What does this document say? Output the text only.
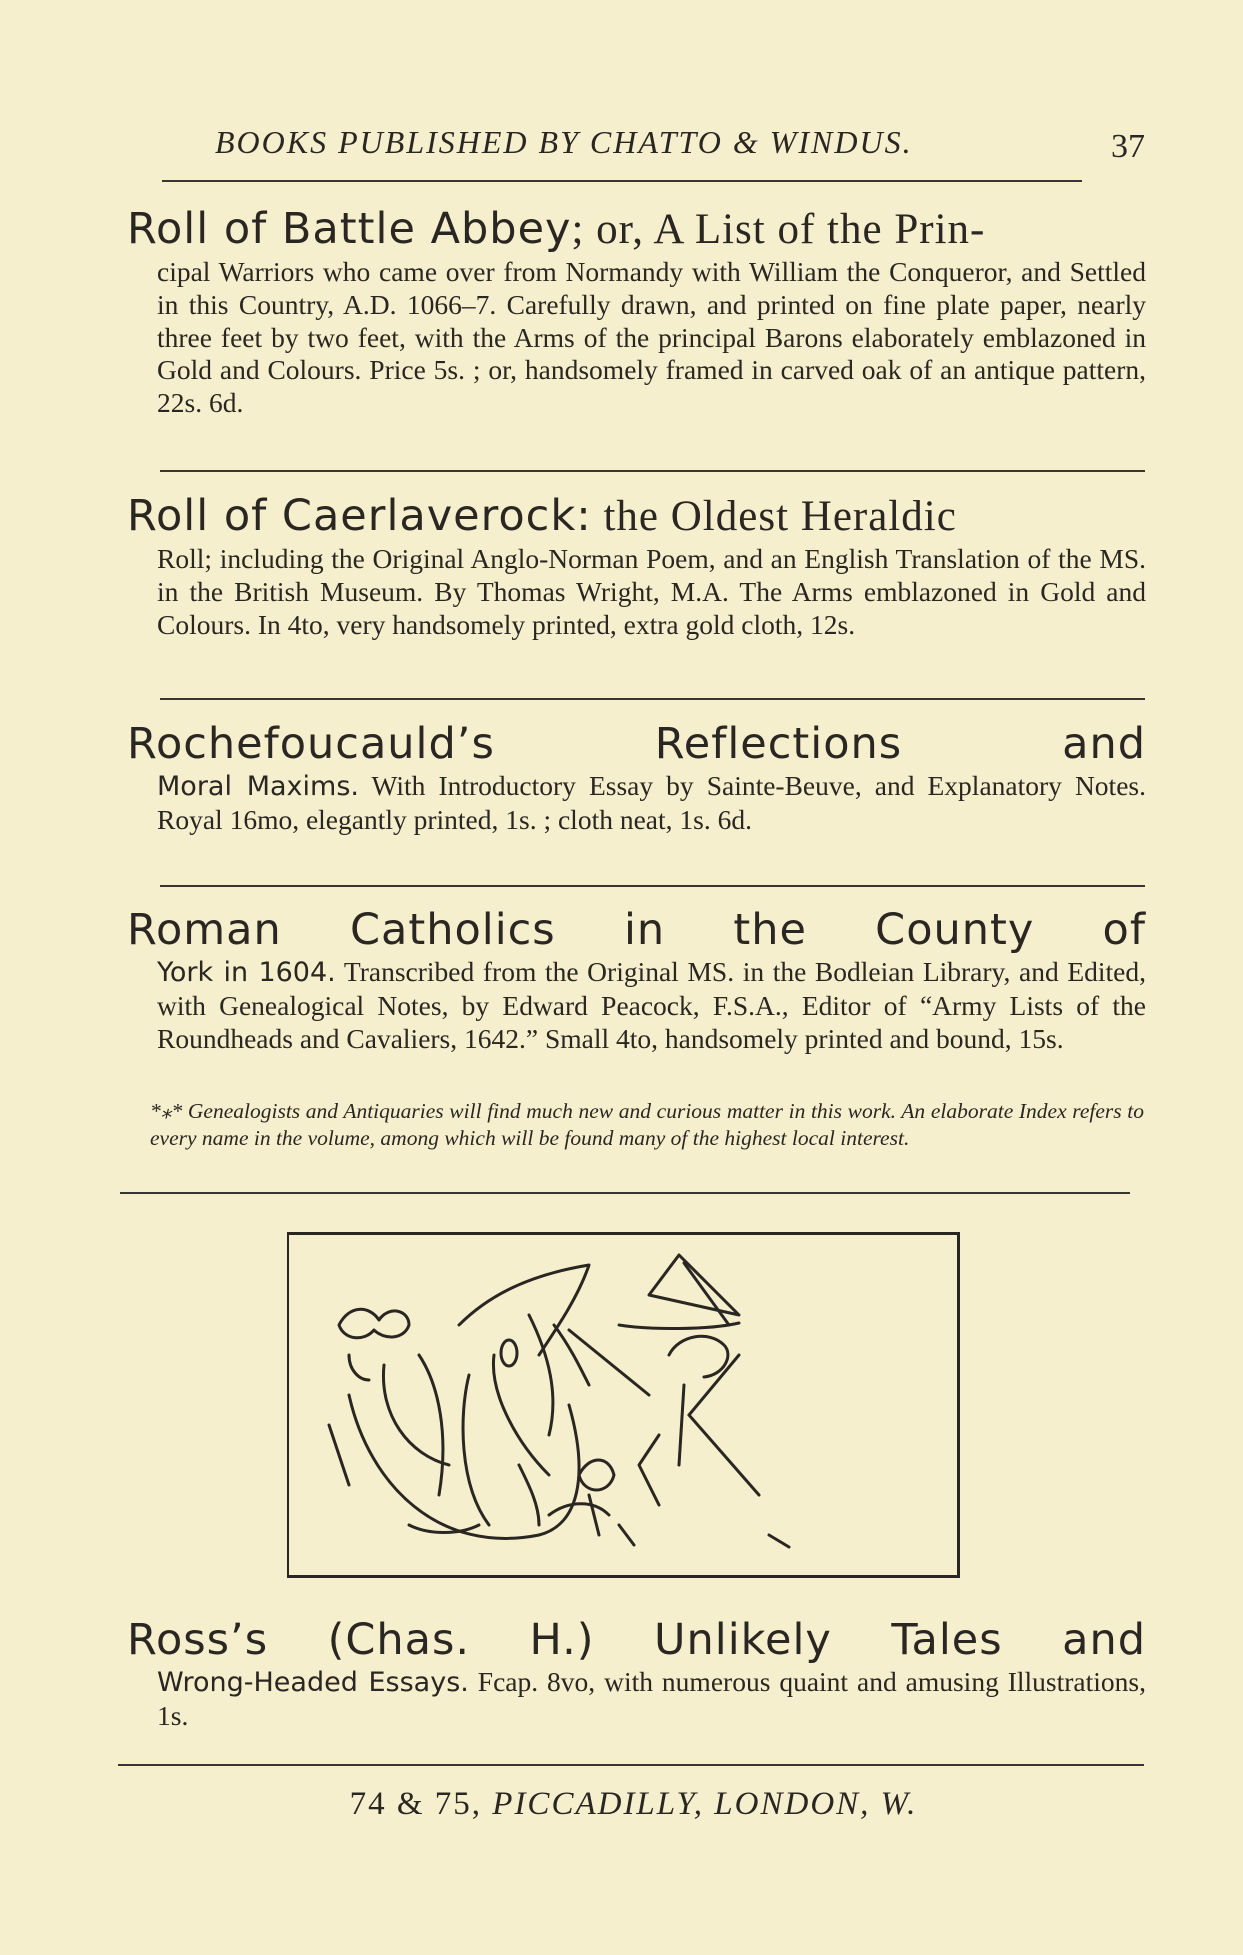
BOOKS PUBLISHED BY CHATTO & WINDUS.	37
Roll of Battle Abbey; or, A List of the Prin-
cipal Warriors who came over from Normandy with William the Conqueror, and Settled in this Country, A.D. 1066–7. Carefully drawn, and printed on fine plate paper, nearly three feet by two feet, with the Arms of the principal Barons elaborately emblazoned in Gold and Colours. Price 5s. ; or, handsomely framed in carved oak of an antique pattern, 22s. 6d.
Roll of Caerlaverock: the Oldest Heraldic
Roll; including the Original Anglo-Norman Poem, and an English Translation of the MS. in the British Museum. By Thomas Wright, M.A. The Arms emblazoned in Gold and Colours. In 4to, very handsomely printed, extra gold cloth, 12s.
Rochefoucauld’s Reflections and
Moral Maxims. With Introductory Essay by Sainte-Beuve, and Explanatory Notes. Royal 16mo, elegantly printed, 1s. ; cloth neat, 1s. 6d.
Roman Catholics in the County of
York in 1604. Transcribed from the Original MS. in the Bodleian Library, and Edited, with Genealogical Notes, by Edward Peacock, F.S.A., Editor of “Army Lists of the Roundheads and Cavaliers, 1642.” Small 4to, handsomely printed and bound, 15s.
*⁎* Genealogists and Antiquaries will find much new and curious matter in this work. An elaborate Index refers to every name in the volume, among which will be found many of the highest local interest.
Ross’s (Chas. H.) Unlikely Tales and
Wrong-Headed Essays. Fcap. 8vo, with numerous quaint and amusing Illustrations, 1s.
74 & 75, PICCADILLY, LONDON, W.
